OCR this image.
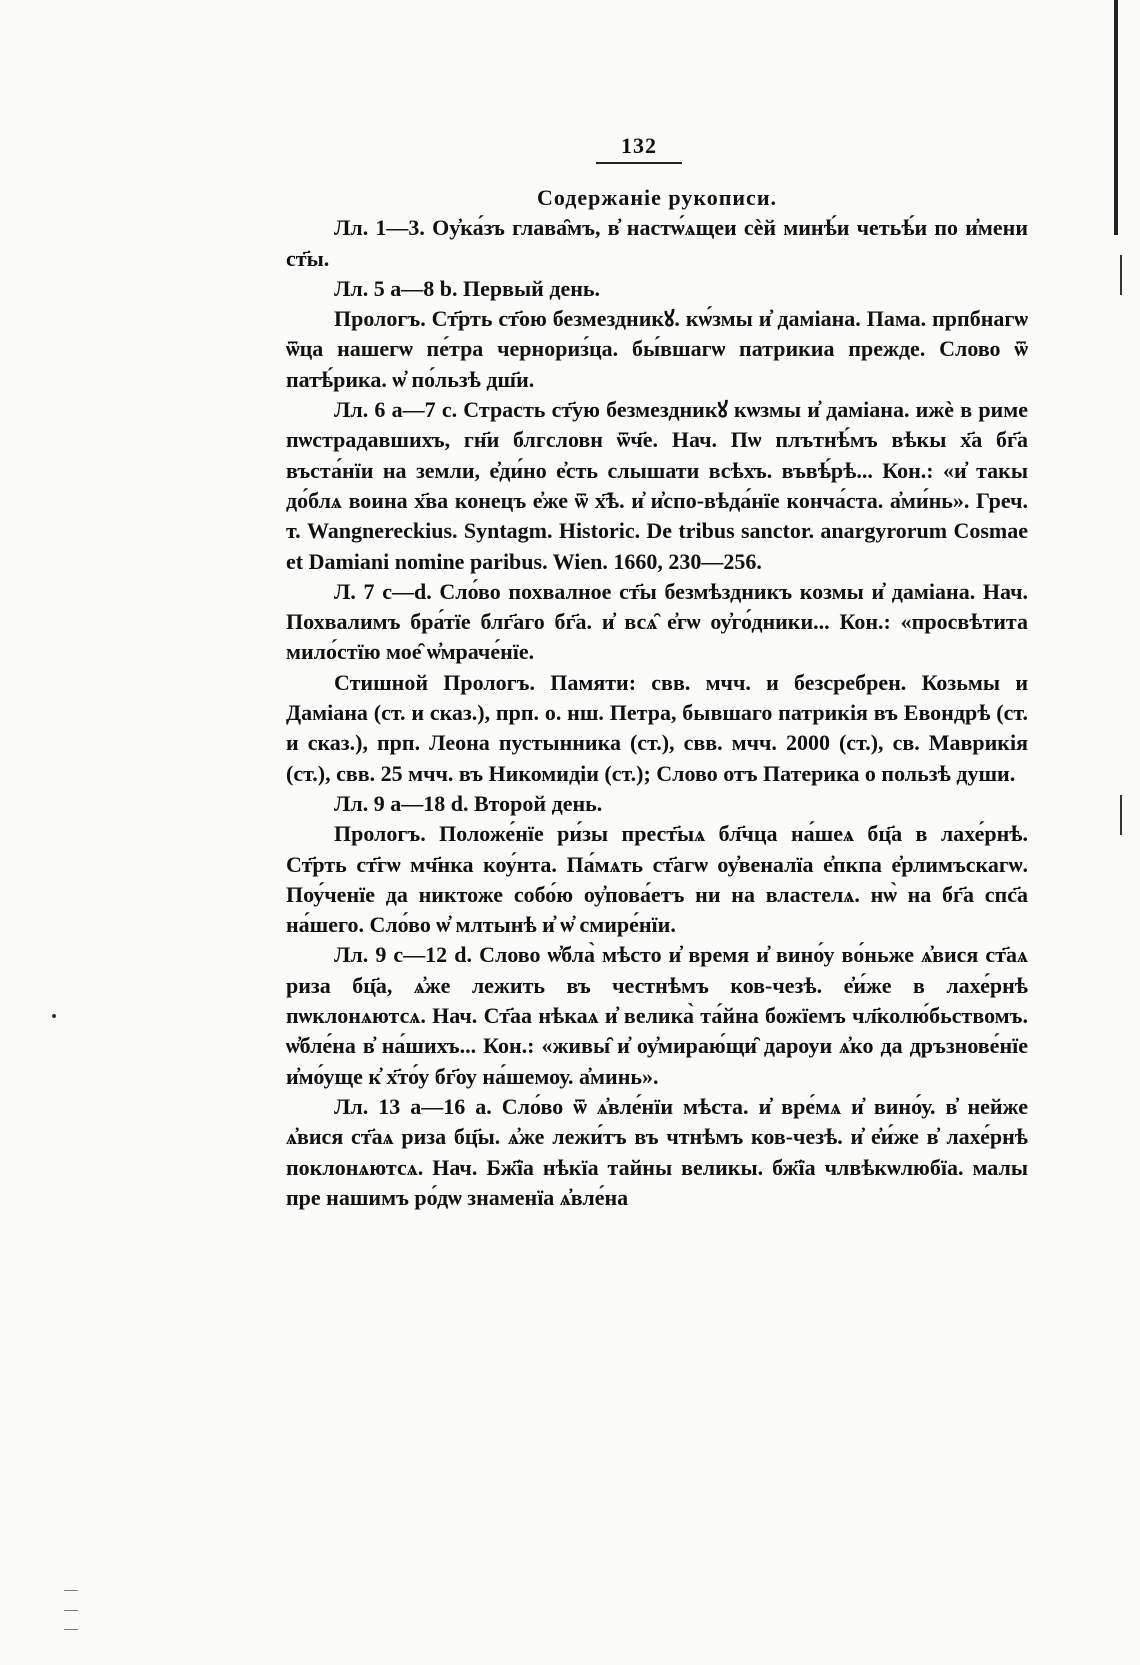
132

Содержаніе рукописи.

Лл. 1—3. Оу҆ка́зъ глава̑мъ, в҆ настѡ́ѧщеи сѐй минѣ́и четьѣ́и по и҆мени ст҃ы.

Лл. 5 a—8 b. Первый день.

Прологъ. Ст҃рть ст҃ою безмездникꙋ. кѡ́змы и҆ даміана. Пама. прпбнагѡ ѿца нашегѡ пе́тра чернориз́ца. бы́вшагѡ патрикиа прежде. Слово ѿ патѣ́рика. ѡ҆ по́льзѣ дш҃и.

Лл. 6 a—7 c. Страсть ст҃ую безмездникꙋ кѡзмы и҆ даміана. ижѐ в риме пѡстрадавшихъ, гн҃и блгсловн ѿч҃е. Нач. Пѡ плътнѣ́мъ вѣкы х҃а бг҃а въста́нїи на земли, е҆ди́но е҆сть слышати всѣхъ. въвѣ́рѣ... Кон.: «и҆ такы до́блѧ воина х҃ва конецъ е҆же ѿ х҃ѣ. и҆ и҆спо-вѣда́нїе конча́ста. а҆ми́нь». Греч. т. Wangnereckius. Syntagm. Historic. De tribus sanctor. anargyrorum Cosmae et Damiani nomine paribus. Wien. 1660, 230—256.

Л. 7 c—d. Сло́во похвалное ст҃ы безмѣздникъ козмы и҆ даміана. Нач. Похвалимъ бра́тїе блг҃аго бг҃а. и҆ всѧ̑ е҆гѡ оу҆го́дники... Кон.: «просвѣтита мило́стїю мое̑ ѡ҆мраче́нїе.

Стишной Прологъ. Памяти: свв. мчч. и безсребрен. Козьмы и Даміана (ст. и сказ.), прп. о. нш. Петра, бывшаго патрикія въ Евондрѣ (ст. и сказ.), прп. Леона пустынника (ст.), свв. мчч. 2000 (ст.), св. Маврикія (ст.), свв. 25 мчч. въ Никомидіи (ст.); Слово отъ Патерика о пользѣ души.

Лл. 9 a—18 d. Второй день.

Прологъ. Положе́нїе ри́зы прест҃ыѧ бл҃чца на́шеѧ бц҃а в лахе́рнѣ. Ст҃рть ст҃гѡ мч҃нка коу́нта. Па́мѧть ст҃агѡ оу҆веналїа е҆пкпа е҆рлимъскагѡ. Поу́ченїе да никтоже собо́ю оу҆пова́етъ ни на властелѧ. нѡ̀ на бг҃а спс҃а на́шего. Сло́во ѡ҆ млтынѣ и҆ ѡ҆ смире́нїи.

Лл. 9 c—12 d. Слово ѡ҆бла̀ мѣсто и҆ время и҆ вино́у во́ньже ѧ҆вися ст҃аѧ риза бц҃а, ѧ҆же лежить въ честнѣмъ ков-чезѣ. е҆и́же в лахе́рнѣ пѡклонѧютсѧ. Нач. Ст҃аа нѣкаѧ и҆ велика̀ та́йна божїемъ чл҃колю́бьствомъ. ѡ҆бле́на в҆ на́шихъ... Кон.: «живы̑ и҆ оу҆мираю́щи̑ дароуи ѧ҆ко да дръзнове́нїе и҆мо́уще к҆ х҃то́у бг҃оу на́шемоу. а҆минь».

Лл. 13 a—16 a. Сло́во ѿ ѧ҆вле́нїи мѣста. и҆ вре́мѧ и҆ вино́у. в҆ нейже ѧ҆вися ст҃аѧ риза бц҃ы. ѧ҆же лежи́тъ въ чтнѣмъ ков-чезѣ. и҆ е҆и́же в҆ лахе́рнѣ поклонѧютсѧ. Нач. Бж҃їа нѣкїа тайны великы. бж҃їа члвѣкѡлюбїа. малы пре нашимъ ро́дѡ знаменїа ѧ҆вле́на
